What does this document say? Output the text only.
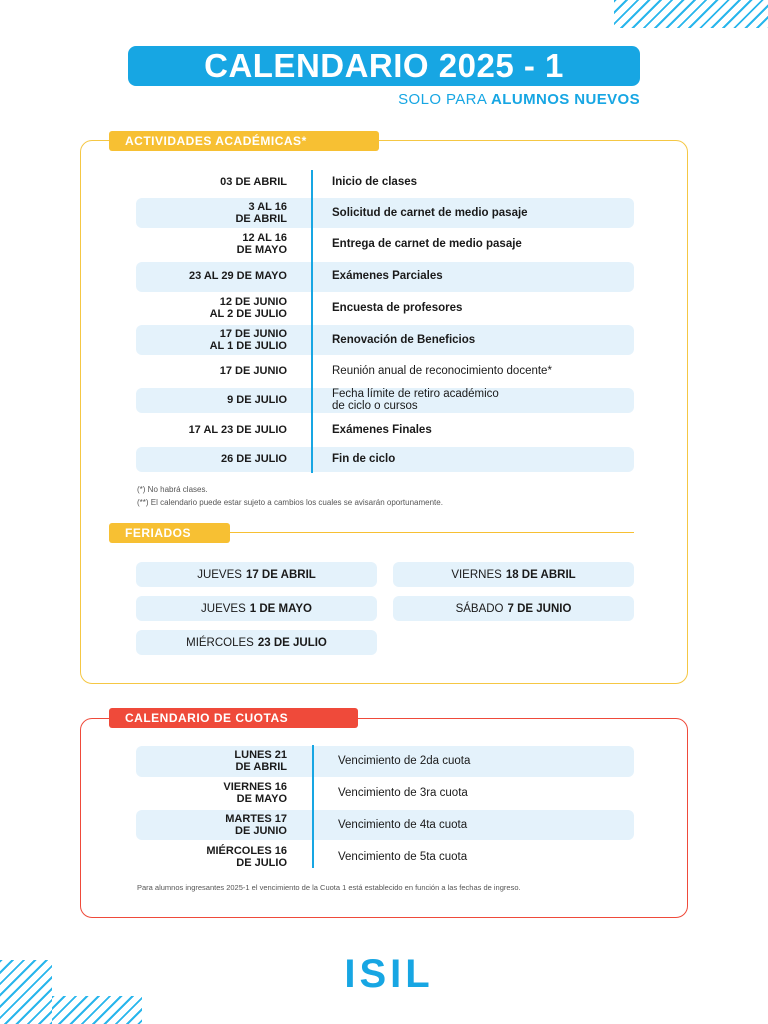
CALENDARIO 2025 - 1
SOLO PARA ALUMNOS NUEVOS
ACTIVIDADES ACADÉMICAS*
03 DE ABRIL	Inicio de clases
3 AL 16
DE ABRIL	Solicitud de carnet de medio pasaje
12 AL 16
DE MAYO	Entrega de carnet de medio pasaje
23 AL 29 DE MAYO	Exámenes Parciales
12 DE JUNIO
AL 2 DE JULIO	Encuesta de profesores
17 DE JUNIO
AL 1 DE JULIO	Renovación de Beneficios
17 DE JUNIO	Reunión anual de reconocimiento docente*
9 DE JULIO	Fecha límite de retiro académico
de ciclo o cursos
17 AL 23 DE JULIO	Exámenes Finales
26 DE JULIO	Fin de ciclo
(*) No habrá clases.
(**) El calendario puede estar sujeto a cambios los cuales se avisarán oportunamente.
FERIADOS
JUEVES 17 DE ABRIL	VIERNES 18 DE ABRIL
JUEVES 1 DE MAYO	SÁBADO 7 DE JUNIO
MIÉRCOLES 23 DE JULIO
CALENDARIO DE CUOTAS
LUNES 21
DE ABRIL	Vencimiento de 2da cuota
VIERNES 16
DE MAYO	Vencimiento de 3ra cuota
MARTES 17
DE JUNIO	Vencimiento de 4ta cuota
MIÉRCOLES 16
DE JULIO	Vencimiento de 5ta cuota
Para alumnos ingresantes 2025-1 el vencimiento de la Cuota 1 está establecido en función a las fechas de ingreso.
ISIL
